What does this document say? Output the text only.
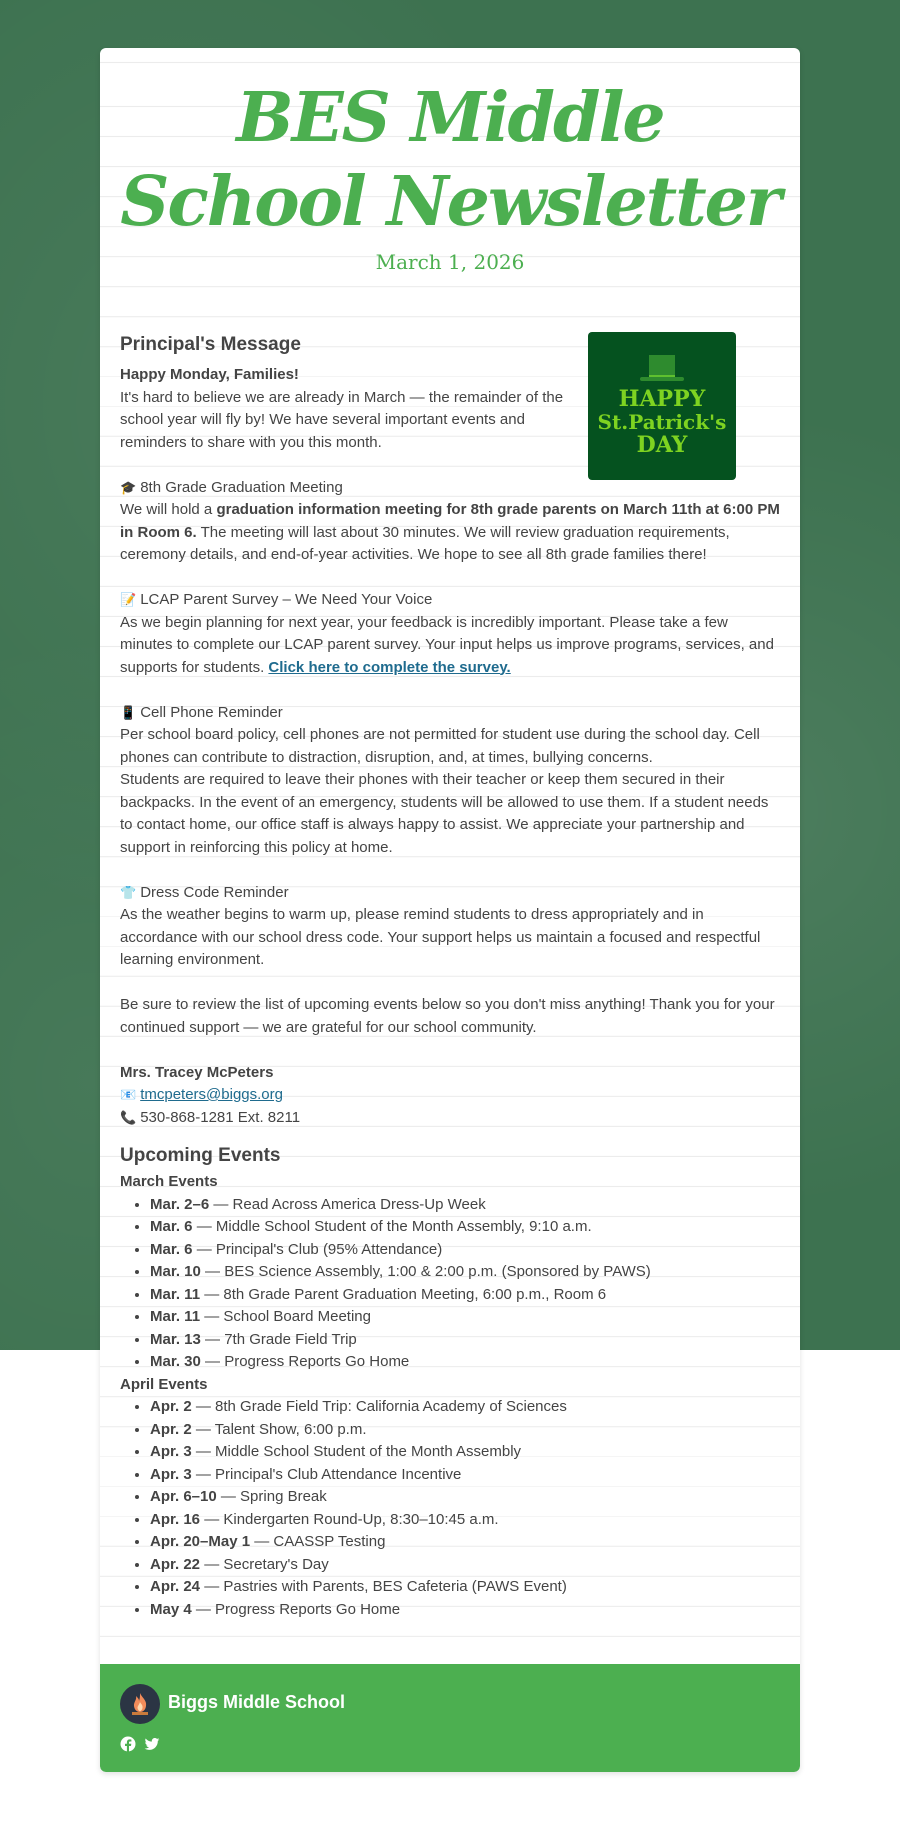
BES Middle
School Newsletter
March 1, 2026
HAPPY
St.Patrick's
DAY
Principal's Message

Happy Monday, Families!

It's hard to believe we are already in March — the remainder of the school year will fly by! We have several important events and reminders to share with you this month.

🎓 8th Grade Graduation Meeting

We will hold a graduation information meeting for 8th grade parents on March 11th at 6:00 PM in Room 6. The meeting will last about 30 minutes. We will review graduation requirements, ceremony details, and end-of-year activities. We hope to see all 8th grade families there!

📝 LCAP Parent Survey – We Need Your Voice

As we begin planning for next year, your feedback is incredibly important. Please take a few minutes to complete our LCAP parent survey. Your input helps us improve programs, services, and supports for students. Click here to complete the survey.

📱 Cell Phone Reminder

Per school board policy, cell phones are not permitted for student use during the school day. Cell phones can contribute to distraction, disruption, and, at times, bullying concerns.

Students are required to leave their phones with their teacher or keep them secured in their backpacks. In the event of an emergency, students will be allowed to use them. If a student needs to contact home, our office staff is always happy to assist. We appreciate your partnership and support in reinforcing this policy at home.

👕 Dress Code Reminder

As the weather begins to warm up, please remind students to dress appropriately and in accordance with our school dress code. Your support helps us maintain a focused and respectful learning environment.

Be sure to review the list of upcoming events below so you don't miss anything! Thank you for your continued support — we are grateful for our school community.

Mrs. Tracey McPeters

📧 tmcpeters@biggs.org

📞 530-868-1281 Ext. 8211

Upcoming Events

March Events

• Mar. 2–6 — Read Across America Dress-Up Week
• Mar. 6 — Middle School Student of the Month Assembly, 9:10 a.m.
• Mar. 6 — Principal's Club (95% Attendance)
• Mar. 10 — BES Science Assembly, 1:00 & 2:00 p.m. (Sponsored by PAWS)
• Mar. 11 — 8th Grade Parent Graduation Meeting, 6:00 p.m., Room 6
• Mar. 11 — School Board Meeting
• Mar. 13 — 7th Grade Field Trip
• Mar. 30 — Progress Reports Go Home

April Events

• Apr. 2 — 8th Grade Field Trip: California Academy of Sciences
• Apr. 2 — Talent Show, 6:00 p.m.
• Apr. 3 — Middle School Student of the Month Assembly
• Apr. 3 — Principal's Club Attendance Incentive
• Apr. 6–10 — Spring Break
• Apr. 16 — Kindergarten Round-Up, 8:30–10:45 a.m.
• Apr. 20–May 1 — CAASSP Testing
• Apr. 22 — Secretary's Day
• Apr. 24 — Pastries with Parents, BES Cafeteria (PAWS Event)
• May 4 — Progress Reports Go Home
Biggs Middle School
